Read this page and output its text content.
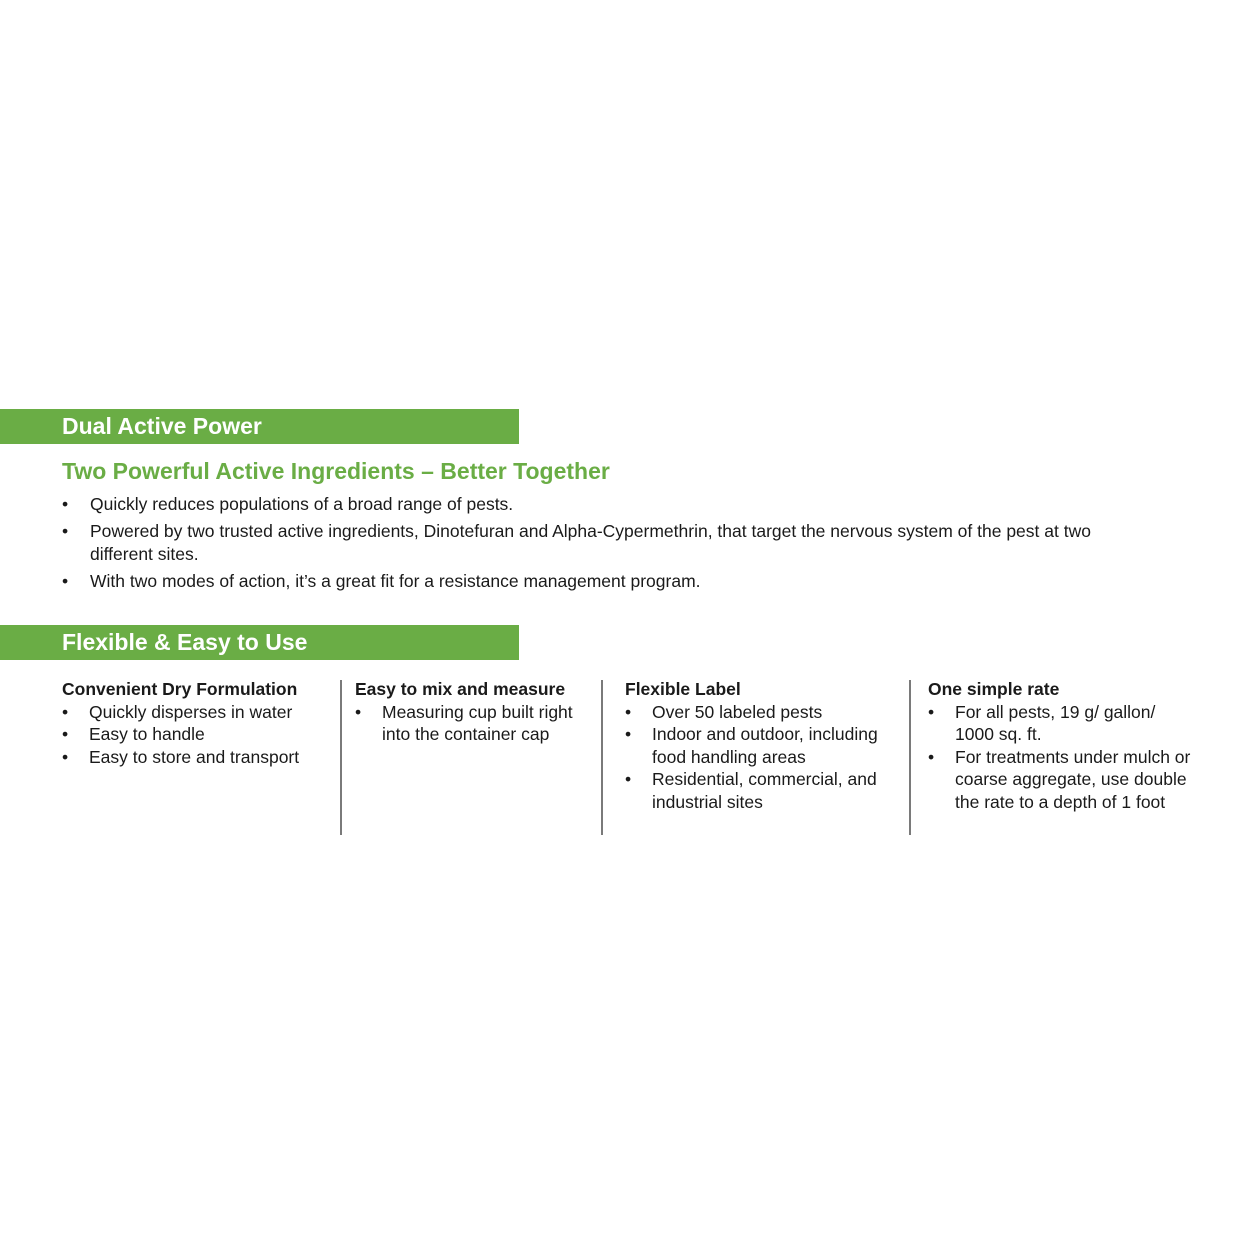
Dual Active Power
Two Powerful Active Ingredients – Better Together
• Quickly reduces populations of a broad range of pests.
• Powered by two trusted active ingredients, Dinotefuran and Alpha-Cypermethrin, that target the nervous system of the pest at two different sites.
• With two modes of action, it’s a great fit for a resistance management program.
Flexible & Easy to Use
Convenient Dry Formulation
• Quickly disperses in water
• Easy to handle
• Easy to store and transport
Easy to mix and measure
• Measuring cup built right into the container cap
Flexible Label
• Over 50 labeled pests
• Indoor and outdoor, including food handling areas
• Residential, commercial, and industrial sites
One simple rate
• For all pests, 19 g/ gallon/ 1000 sq. ft.
• For treatments under mulch or coarse aggregate, use double the rate to a depth of 1 foot
